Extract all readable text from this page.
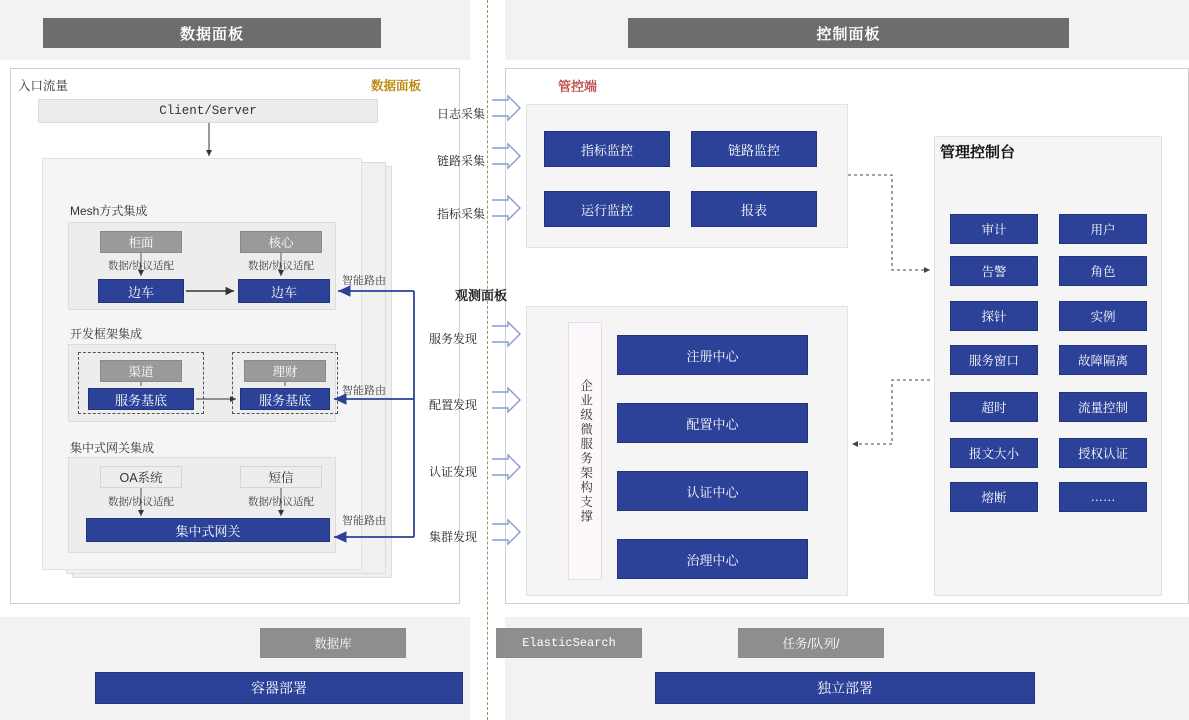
数据面板	控制面板
入口流量	数据面板
Client/Server
Mesh方式集成
柜面	核心
数据/协议适配	数据/协议适配
边车	边车
开发框架集成
渠道	理财
服务基底	服务基底
集中式网关集成
OA系统	短信
数据/协议适配	数据/协议适配
集中式网关
智能路由
智能路由
智能路由
管控端
日志采集
链路采集
指标采集
观测面板
服务发现
配置发现
认证发现
集群发现
指标监控	链路监控
运行监控	报表
企业级微服务架构支撑
注册中心
配置中心
认证中心
治理中心
管理控制台
审计	用户
告警	角色
探针	实例
服务窗口	故障隔离
超时	流量控制
报文大小	授权认证
熔断	……
数据库	ElasticSearch	任务/队列/
容器部署	独立部署
